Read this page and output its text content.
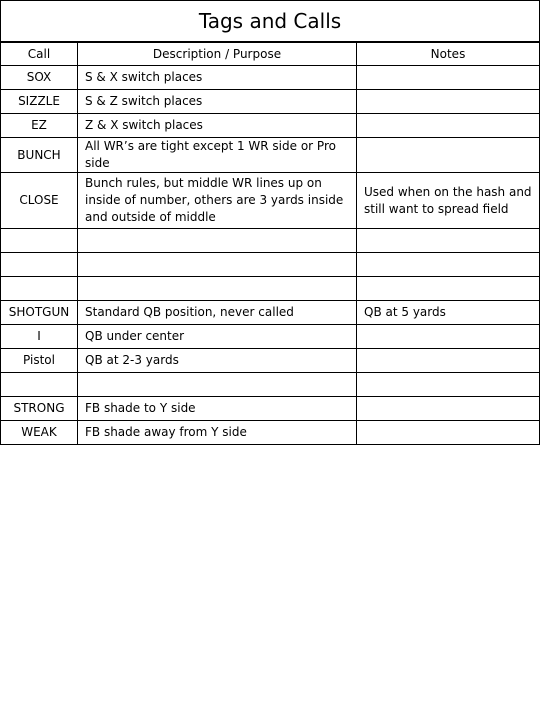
Tags and Calls
Call	Description / Purpose	Notes
SOX	S & X switch places	
SIZZLE	S & Z switch places	
EZ	Z & X switch places	
BUNCH	All WR’s are tight except 1 WR side or Pro side	
CLOSE	Bunch rules, but middle WR lines up on inside of number, others are 3 yards inside and outside of middle	Used when on the hash and still want to spread field

SHOTGUN	Standard QB position, never called	QB at 5 yards
I	QB under center	
Pistol	QB at 2-3 yards	

STRONG	FB shade to Y side	
WEAK	FB shade away from Y side	
